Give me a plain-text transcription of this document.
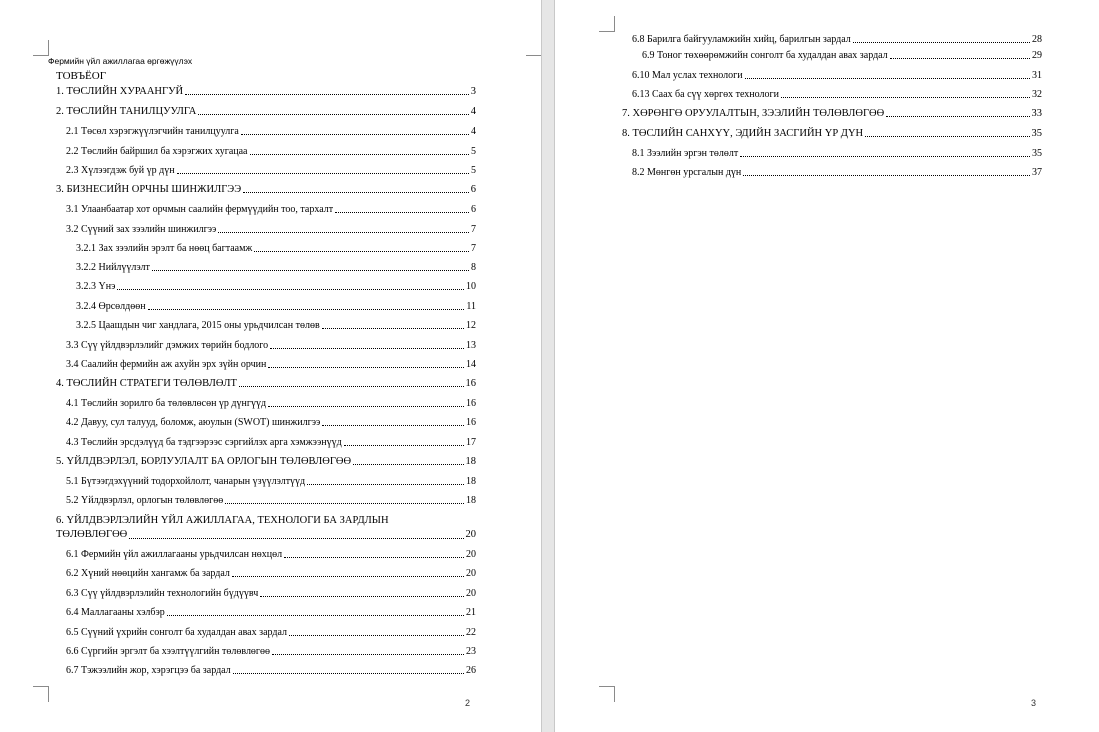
Фермийн үйл ажиллагаа өргөжүүлэх
ТОВЪЁОГ
1. ТӨСЛИЙН ХУРААНГУЙ	3
2. ТӨСЛИЙН ТАНИЛЦУУЛГА	4
2.1 Төсөл хэрэгжүүлэгчийн танилцуулга	4
2.2 Төслийн байршил ба хэрэгжих хугацаа	5
2.3 Хүлээгдэж буй үр дүн	5
3. БИЗНЕСИЙН ОРЧНЫ ШИНЖИЛГЭЭ	6
3.1 Улаанбаатар хот орчмын саалийн фермүүдийн тоо, тархалт	6
3.2 Сүүний зах зээлийн шинжилгээ	7
3.2.1 Зах зээлийн эрэлт ба нөөц багтаамж	7
3.2.2 Нийлүүлэлт	8
3.2.3 Үнэ	10
3.2.4 Өрсөлдөөн	11
3.2.5 Цаашдын чиг хандлага, 2015 оны урьдчилсан төлөв	12
3.3 Сүү үйлдвэрлэлийг дэмжих төрийн бодлого	13
3.4 Саалийн фермийн аж ахуйн эрх зүйн орчин	14
4. ТӨСЛИЙН СТРАТЕГИ ТӨЛӨВЛӨЛТ	16
4.1 Төслийн зорилго ба төлөвлөсөн үр дүнгүүд	16
4.2 Давуу, сул талууд, боломж, аюулын (SWOT) шинжилгээ	16
4.3 Төслийн эрсдэлүүд ба тэдгээрээс сэргийлэх арга хэмжээнүүд	17
5. ҮЙЛДВЭРЛЭЛ, БОРЛУУЛАЛТ БА ОРЛОГЫН ТӨЛӨВЛӨГӨӨ	18
5.1 Бүтээгдэхүүний тодорхойлолт, чанарын үзүүлэлтүүд	18
5.2 Үйлдвэрлэл, орлогын төлөвлөгөө	18
6. ҮЙЛДВЭРЛЭЛИЙН ҮЙЛ АЖИЛЛАГАА, ТЕХНОЛОГИ БА ЗАРДЛЫН
ТӨЛӨВЛӨГӨӨ	20
6.1 Фермийн үйл ажиллагааны урьдчилсан нөхцөл	20
6.2 Хүний нөөцийн хангамж ба зардал	20
6.3 Сүү үйлдвэрлэлийн технологийн бүдүүвч	20
6.4 Маллагааны хэлбэр	21
6.5 Сүүний үхрийн сонголт ба худалдан авах зардал	22
6.6 Сүргийн эргэлт ба хээлтүүлгийн төлөвлөгөө	23
6.7 Тэжээлийн жор, хэрэгцээ ба зардал	26
2
6.8 Барилга байгууламжийн хийц, барилгын зардал	28
6.9 Тоног төхөөрөмжийн сонголт ба худалдан авах зардал	29
6.10 Мал услах технологи	31
6.13 Саах ба сүү хөргөх технологи	32
7. ХӨРӨНГӨ ОРУУЛАЛТЫН, ЗЭЭЛИЙН ТӨЛӨВЛӨГӨӨ	33
8. ТӨСЛИЙН САНХҮҮ, ЭДИЙН ЗАСГИЙН ҮР ДҮН	35
8.1 Зээлийн эргэн төлөлт	35
8.2 Мөнгөн урсгалын дүн	37
3
